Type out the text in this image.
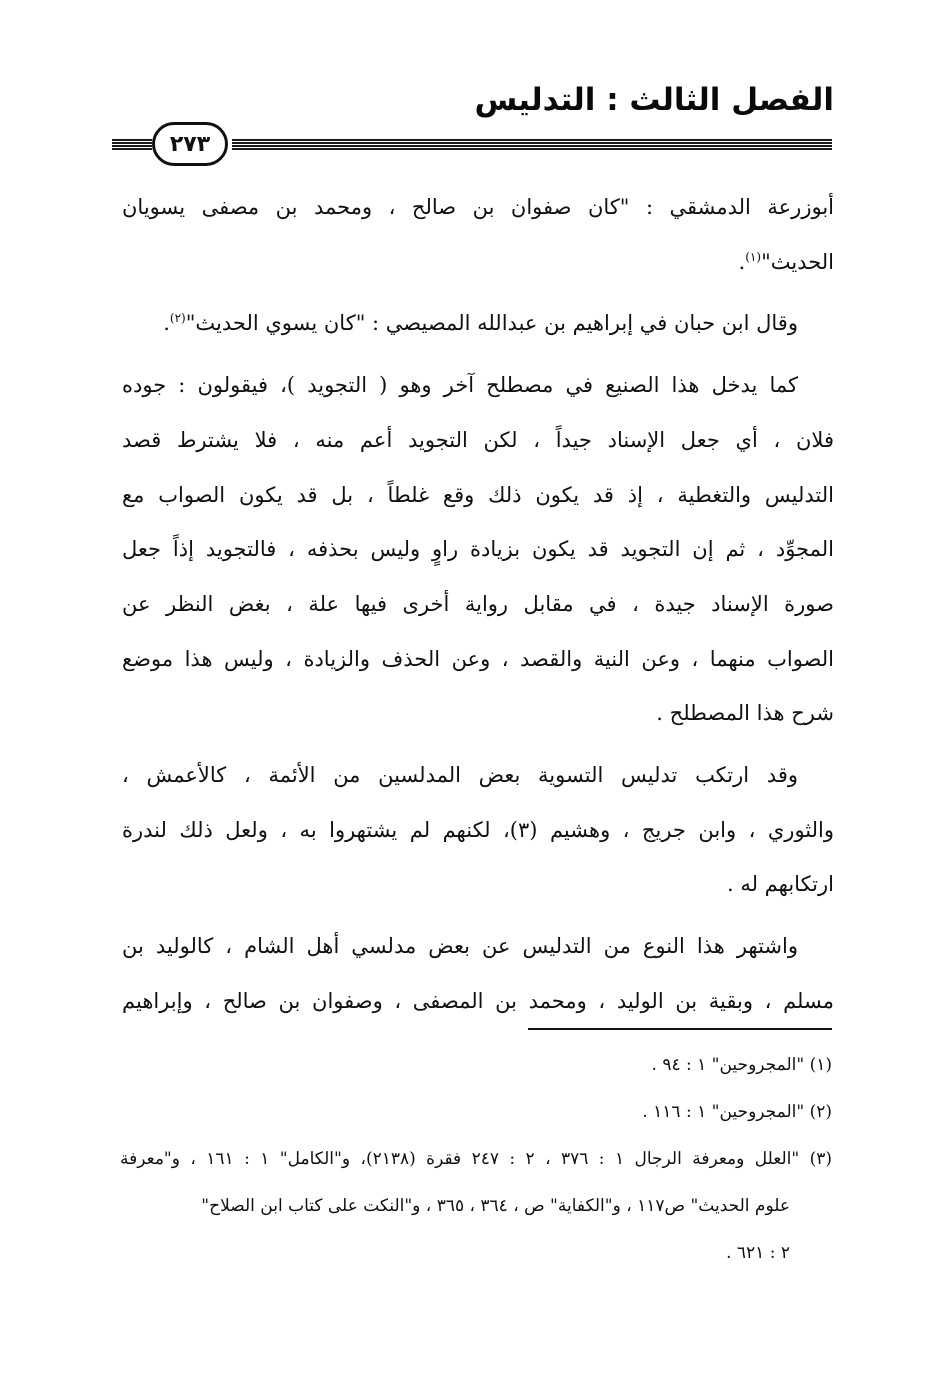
الفصل الثالث : التدليس
٢٧٣

أبوزرعة الدمشقي : "كان صفوان بن صالح ، ومحمد بن مصفى يسويان
الحديث"$^{(١)}$.

وقال ابن حبان في إبراهيم بن عبدالله المصيصي : "كان يسوي الحديث"$^{(٢)}$.

كما يدخل هذا الصنيع في مصطلح آخر وهو ( التجويد )، فيقولون : جوده
فلان ، أي جعل الإسناد جيداً ، لكن التجويد أعم منه ، فلا يشترط قصد
التدليس والتغطية ، إذ قد يكون ذلك وقع غلطاً ، بل قد يكون الصواب مع
المجوِّد ، ثم إن التجويد قد يكون بزيادة راوٍ وليس بحذفه ، فالتجويد إذاً جعل
صورة الإسناد جيدة ، في مقابل رواية أخرى فيها علة ، بغض النظر عن
الصواب منهما ، وعن النية والقصد ، وعن الحذف والزيادة ، وليس هذا موضع
شرح هذا المصطلح .

وقد ارتكب تدليس التسوية بعض المدلسين من الأئمة ، كالأعمش ،
والثوري ، وابن جريج ، وهشيم (٣)، لكنهم لم يشتهروا به ، ولعل ذلك لندرة
ارتكابهم له .

واشتهر هذا النوع من التدليس عن بعض مدلسي أهل الشام ، كالوليد بن
مسلم ، وبقية بن الوليد ، ومحمد بن المصفى ، وصفوان بن صالح ، وإبراهيم

(١) "المجروحين" ١ : ٩٤ .
(٢) "المجروحين" ١ : ١١٦ .
(٣) "العلل ومعرفة الرجال ١ : ٣٧٦ ، ٢ : ٢٤٧ فقرة (٢١٣٨)، و"الكامل" ١ : ١٦١ ، و"معرفة
علوم الحديث" ص١١٧ ، و"الكفاية" ص ، ٣٦٤ ، ٣٦٥ ، و"النكت على كتاب ابن الصلاح"
٢ : ٦٢١ .
